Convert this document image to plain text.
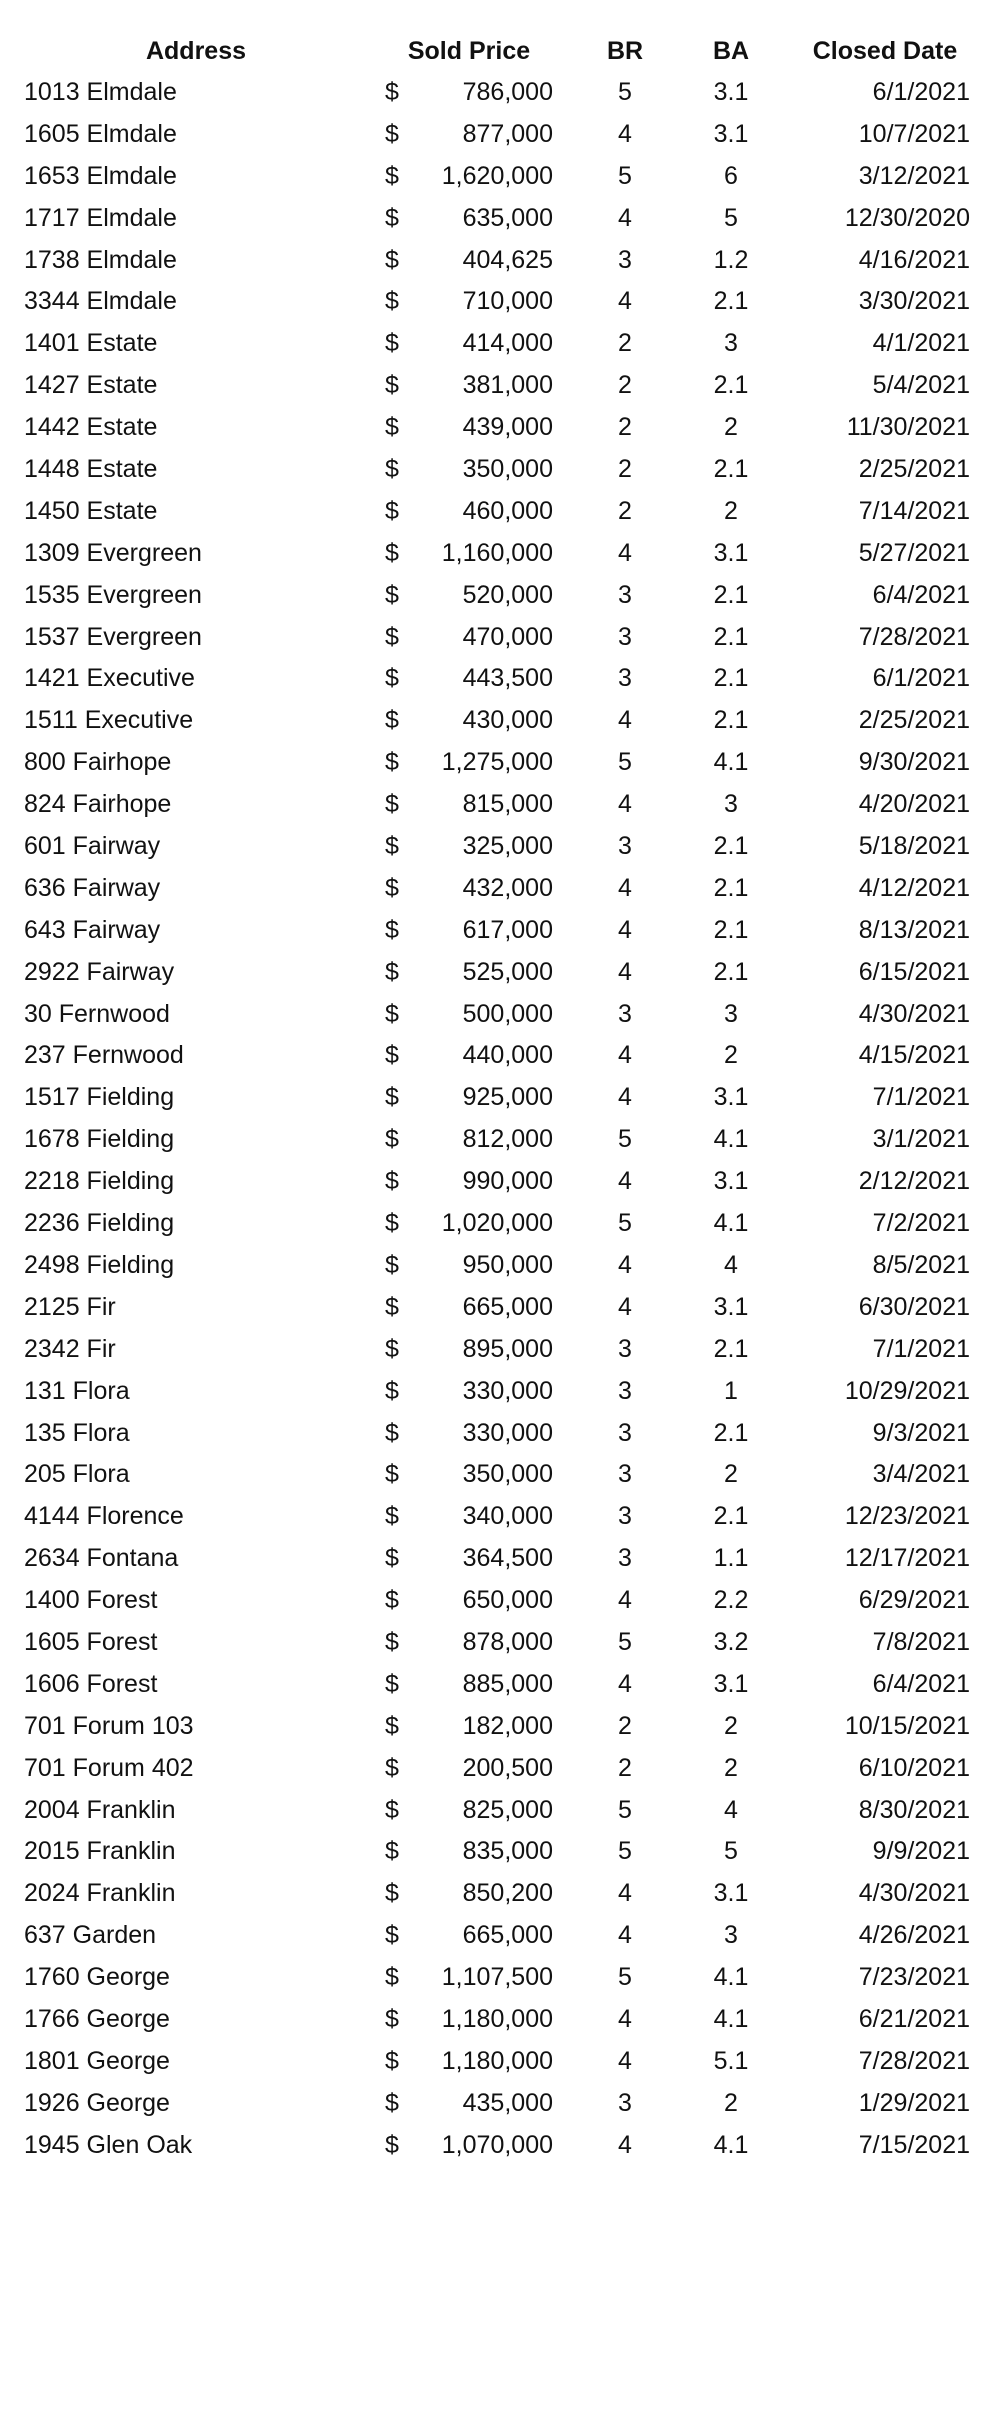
Address	Sold Price	BR	BA	Closed Date
1013 Elmdale	$	786,000	5	3.1	6/1/2021
1605 Elmdale	$	877,000	4	3.1	10/7/2021
1653 Elmdale	$	1,620,000	5	6	3/12/2021
1717 Elmdale	$	635,000	4	5	12/30/2020
1738 Elmdale	$	404,625	3	1.2	4/16/2021
3344 Elmdale	$	710,000	4	2.1	3/30/2021
1401 Estate	$	414,000	2	3	4/1/2021
1427 Estate	$	381,000	2	2.1	5/4/2021
1442 Estate	$	439,000	2	2	11/30/2021
1448 Estate	$	350,000	2	2.1	2/25/2021
1450 Estate	$	460,000	2	2	7/14/2021
1309 Evergreen	$	1,160,000	4	3.1	5/27/2021
1535 Evergreen	$	520,000	3	2.1	6/4/2021
1537 Evergreen	$	470,000	3	2.1	7/28/2021
1421 Executive	$	443,500	3	2.1	6/1/2021
1511 Executive	$	430,000	4	2.1	2/25/2021
800 Fairhope	$	1,275,000	5	4.1	9/30/2021
824 Fairhope	$	815,000	4	3	4/20/2021
601 Fairway	$	325,000	3	2.1	5/18/2021
636 Fairway	$	432,000	4	2.1	4/12/2021
643 Fairway	$	617,000	4	2.1	8/13/2021
2922 Fairway	$	525,000	4	2.1	6/15/2021
30 Fernwood	$	500,000	3	3	4/30/2021
237 Fernwood	$	440,000	4	2	4/15/2021
1517 Fielding	$	925,000	4	3.1	7/1/2021
1678 Fielding	$	812,000	5	4.1	3/1/2021
2218 Fielding	$	990,000	4	3.1	2/12/2021
2236 Fielding	$	1,020,000	5	4.1	7/2/2021
2498 Fielding	$	950,000	4	4	8/5/2021
2125 Fir	$	665,000	4	3.1	6/30/2021
2342 Fir	$	895,000	3	2.1	7/1/2021
131 Flora	$	330,000	3	1	10/29/2021
135 Flora	$	330,000	3	2.1	9/3/2021
205 Flora	$	350,000	3	2	3/4/2021
4144 Florence	$	340,000	3	2.1	12/23/2021
2634 Fontana	$	364,500	3	1.1	12/17/2021
1400 Forest	$	650,000	4	2.2	6/29/2021
1605 Forest	$	878,000	5	3.2	7/8/2021
1606 Forest	$	885,000	4	3.1	6/4/2021
701 Forum 103	$	182,000	2	2	10/15/2021
701 Forum 402	$	200,500	2	2	6/10/2021
2004 Franklin	$	825,000	5	4	8/30/2021
2015 Franklin	$	835,000	5	5	9/9/2021
2024 Franklin	$	850,200	4	3.1	4/30/2021
637 Garden	$	665,000	4	3	4/26/2021
1760 George	$	1,107,500	5	4.1	7/23/2021
1766 George	$	1,180,000	4	4.1	6/21/2021
1801 George	$	1,180,000	4	5.1	7/28/2021
1926 George	$	435,000	3	2	1/29/2021
1945 Glen Oak	$	1,070,000	4	4.1	7/15/2021
